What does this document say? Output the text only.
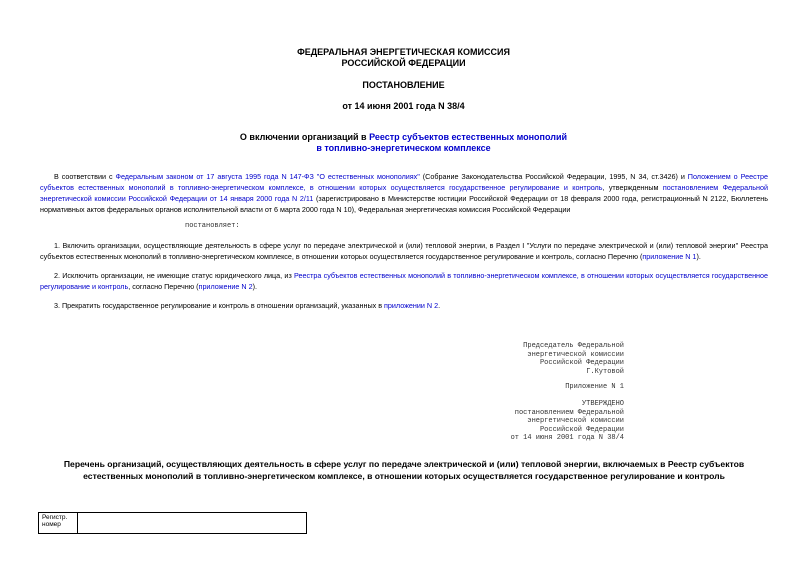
ФЕДЕРАЛЬНАЯ ЭНЕРГЕТИЧЕСКАЯ КОМИССИЯ
РОССИЙСКОЙ ФЕДЕРАЦИИ
ПОСТАНОВЛЕНИЕ
от 14 июня 2001 года N 38/4
О включении организаций в Реестр субъектов естественных монополий
в топливно-энергетическом комплексе
В соответствии с Федеральным законом от 17 августа 1995 года N 147-ФЗ "О естественных монополиях" (Собрание Законодательства Российской Федерации, 1995, N 34, ст.3426) и Положением о Реестре субъектов естественных монополий в топливно-энергетическом комплексе, в отношении которых осуществляется государственное регулирование и контроль, утвержденным постановлением Федеральной энергетической комиссии Российской Федерации от 14 января 2000 года N 2/11 (зарегистрировано в Министерстве юстиции Российской Федерации от 18 февраля 2000 года, регистрационный N 2122, Бюллетень нормативных актов федеральных органов исполнительной власти от 6 марта 2000 года N 10), Федеральная энергетическая комиссия Российской Федерации
постановляет:
1. Включить организации, осуществляющие деятельность в сфере услуг по передаче электрической и (или) тепловой энергии, в Раздел I "Услуги по передаче электрической и (или) тепловой энергии" Реестра субъектов естественных монополий в топливно-энергетическом комплексе, в отношении которых осуществляется государственное регулирование и контроль, согласно Перечню (приложение N 1).
2. Исключить организации, не имеющие статус юридического лица, из Реестра субъектов естественных монополий в топливно-энергетическом комплексе, в отношении которых осуществляется государственное регулирование и контроль, согласно Перечню (приложение N 2).
3. Прекратить государственное регулирование и контроль в отношении организаций, указанных в приложении N 2.
Председатель Федеральной
энергетической комиссии
Российской Федерации
Г.Кутовой
Приложение N 1
УТВЕРЖДЕНО
постановлением Федеральной
энергетической комиссии
Российской Федерации
от 14 июня 2001 года N 38/4
Перечень организаций, осуществляющих деятельность в сфере услуг по передаче электрической и (или) тепловой энергии, включаемых в Реестр субъектов естественных монополий в топливно-энергетическом комплексе, в отношении которых осуществляется государственное регулирование и контроль
Регистр.
номер
